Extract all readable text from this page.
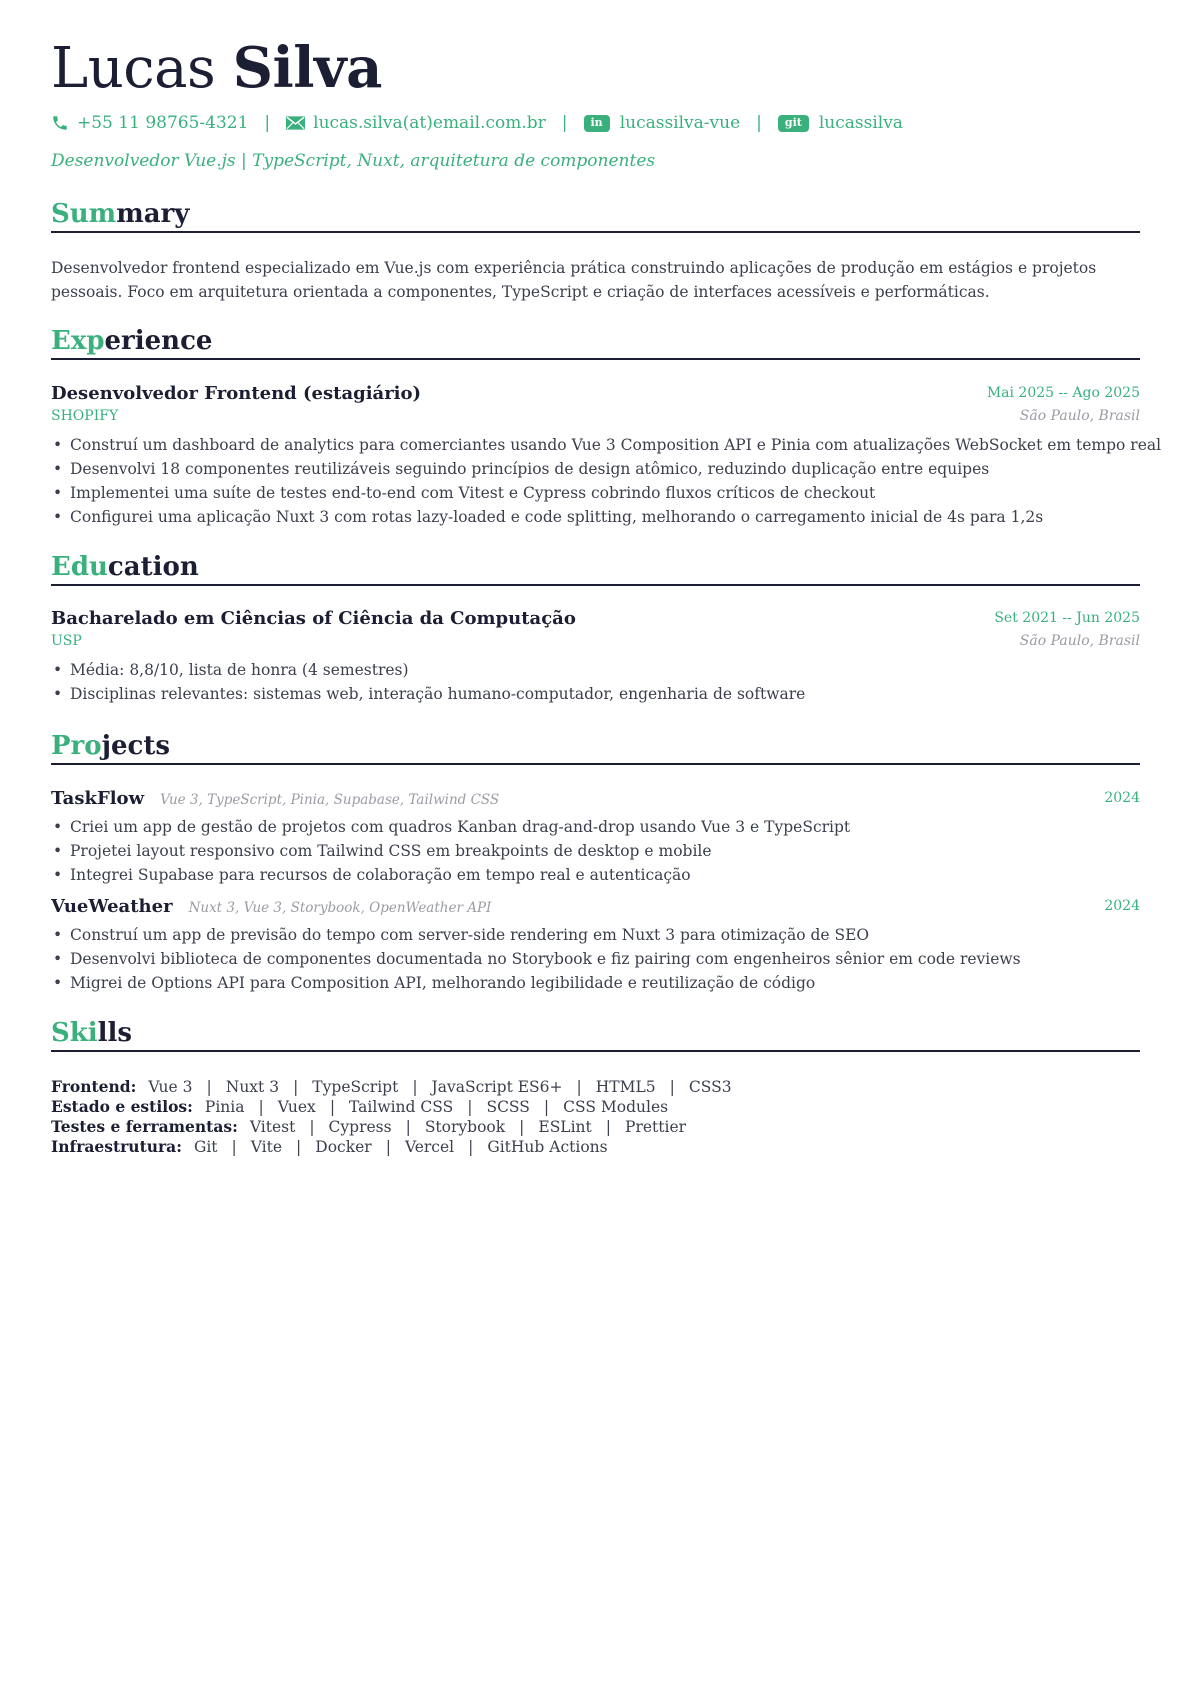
Lucas Silva
+55 11 98765-4321 |	lucas.silva(at)email.com.br |	in	lucassilva-vue |	git	lucassilva
Desenvolvedor Vue.js | TypeScript, Nuxt, arquitetura de componentes
Summary

Desenvolvedor frontend especializado em Vue.js com experiência prática construindo aplicações de produção em estágios e projetos pessoais. Foco em arquitetura orientada a componentes, TypeScript e criação de interfaces acessíveis e performáticas.

Experience
Desenvolvedor Frontend (estagiário)	Mai 2025 -- Ago 2025
SHOPIFY	São Paulo, Brasil
• Construí um dashboard de analytics para comerciantes usando Vue 3 Composition API e Pinia com atualizações WebSocket em tempo real
• Desenvolvi 18 componentes reutilizáveis seguindo princípios de design atômico, reduzindo duplicação entre equipes
• Implementei uma suíte de testes end-to-end com Vitest e Cypress cobrindo fluxos críticos de checkout
• Configurei uma aplicação Nuxt 3 com rotas lazy-loaded e code splitting, melhorando o carregamento inicial de 4s para 1,2s
Education
Bacharelado em Ciências of Ciência da Computação	Set 2021 -- Jun 2025
USP	São Paulo, Brasil
• Média: 8,8/10, lista de honra (4 semestres)
• Disciplinas relevantes: sistemas web, interação humano-computador, engenharia de software
Projects
TaskFlow Vue 3, TypeScript, Pinia, Supabase, Tailwind CSS	2024
• Criei um app de gestão de projetos com quadros Kanban drag-and-drop usando Vue 3 e TypeScript
• Projetei layout responsivo com Tailwind CSS em breakpoints de desktop e mobile
• Integrei Supabase para recursos de colaboração em tempo real e autenticação
VueWeather Nuxt 3, Vue 3, Storybook, OpenWeather API	2024
• Construí um app de previsão do tempo com server-side rendering em Nuxt 3 para otimização de SEO
• Desenvolvi biblioteca de componentes documentada no Storybook e fiz pairing com engenheiros sênior em code reviews
• Migrei de Options API para Composition API, melhorando legibilidade e reutilização de código
Skills
Frontend: Vue 3 | Nuxt 3 | TypeScript | JavaScript ES6+ | HTML5 | CSS3
Estado e estilos: Pinia | Vuex | Tailwind CSS | SCSS | CSS Modules
Testes e ferramentas: Vitest | Cypress | Storybook | ESLint | Prettier
Infraestrutura: Git | Vite | Docker | Vercel | GitHub Actions
